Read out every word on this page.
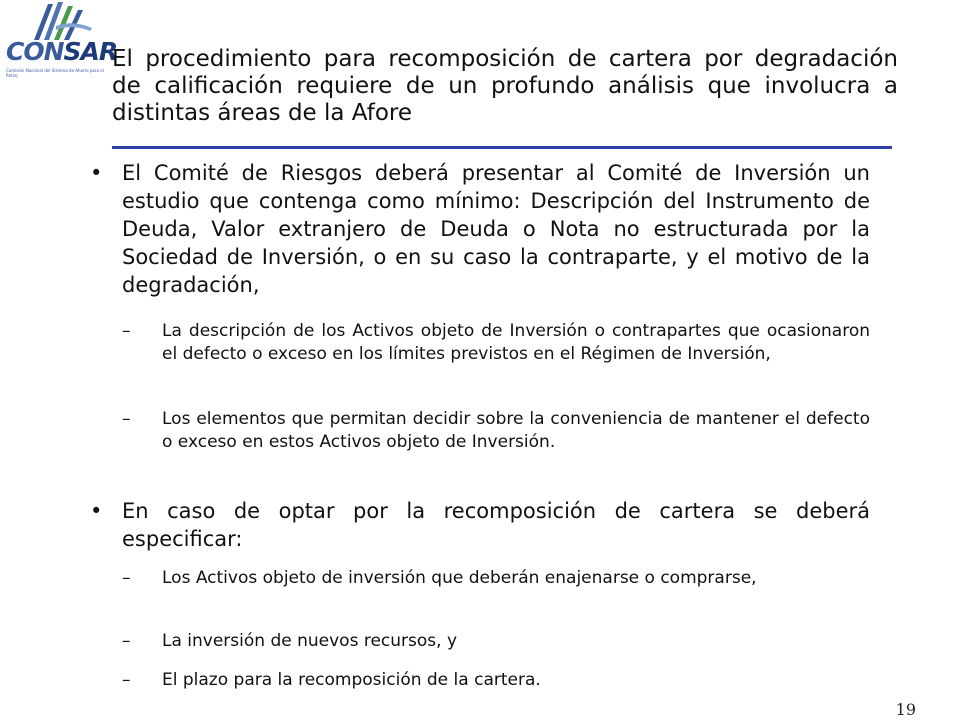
CONSAR
Comisión Nacional del Sistema de Ahorro para el Retiro
El procedimiento para recomposición de cartera por degradación de calificación requiere de un profundo análisis que involucra a distintas áreas de la Afore
• El Comité de Riesgos deberá presentar al Comité de Inversión un estudio que contenga como mínimo: Descripción del Instrumento de Deuda, Valor extranjero de Deuda o Nota no estructurada por la Sociedad de Inversión, o en su caso la contraparte, y el motivo de la degradación,
– La descripción de los Activos objeto de Inversión o contrapartes que ocasionaron el defecto o exceso en los límites previstos en el Régimen de Inversión,
– Los elementos que permitan decidir sobre la conveniencia de mantener el defecto o exceso en estos Activos objeto de Inversión.
• En caso de optar por la recomposición de cartera se deberá especificar:
– Los Activos objeto de inversión que deberán enajenarse o comprarse,
– La inversión de nuevos recursos, y
– El plazo para la recomposición de la cartera.
19
